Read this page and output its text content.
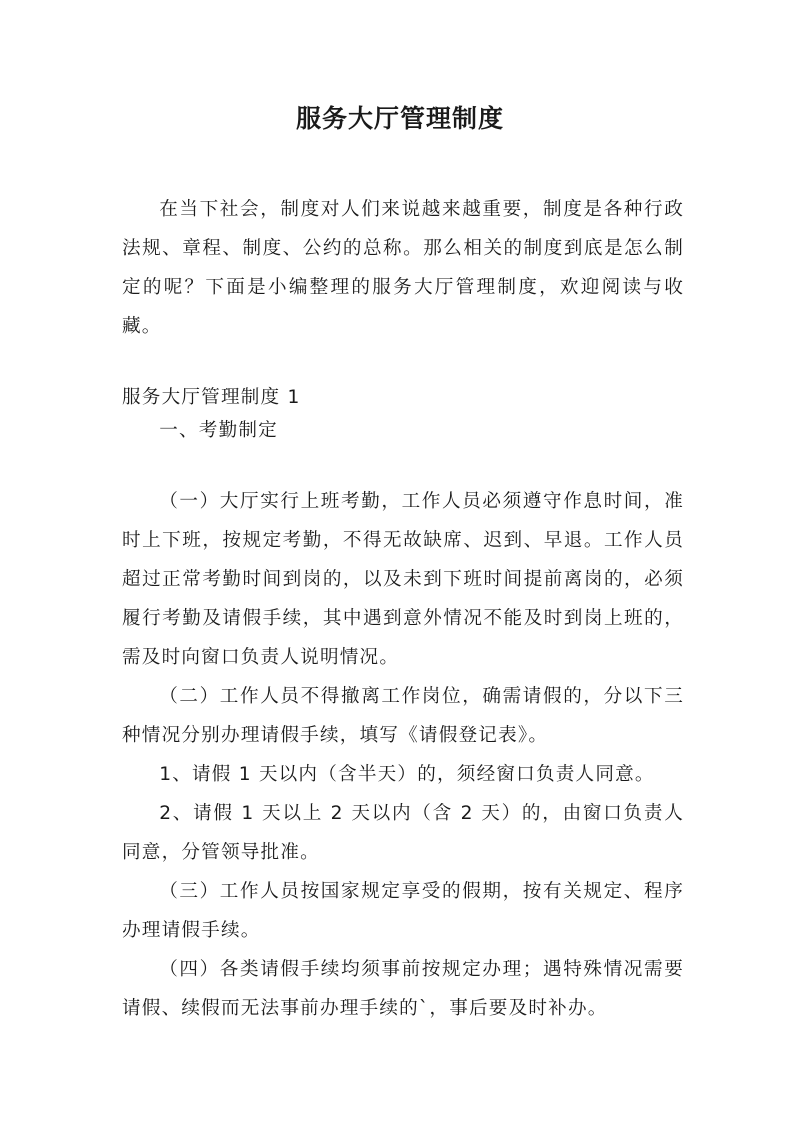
服务大厅管理制度

在当下社会，制度对人们来说越来越重要，制度是各种行政法规、章程、制度、公约的总称。那么相关的制度到底是怎么制定的呢？下面是小编整理的服务大厅管理制度，欢迎阅读与收藏。

服务大厅管理制度 1

一、考勤制定

（一）大厅实行上班考勤，工作人员必须遵守作息时间，准时上下班，按规定考勤，不得无故缺席、迟到、早退。工作人员超过正常考勤时间到岗的，以及未到下班时间提前离岗的，必须履行考勤及请假手续，其中遇到意外情况不能及时到岗上班的，需及时向窗口负责人说明情况。

（二）工作人员不得撤离工作岗位，确需请假的，分以下三种情况分别办理请假手续，填写《请假登记表》。

1、请假 1 天以内（含半天）的，须经窗口负责人同意。

2、请假 1 天以上 2 天以内（含 2 天）的，由窗口负责人同意，分管领导批准。

（三）工作人员按国家规定享受的假期，按有关规定、程序办理请假手续。

（四）各类请假手续均须事前按规定办理；遇特殊情况需要请假、续假而无法事前办理手续的`，事后要及时补办。
